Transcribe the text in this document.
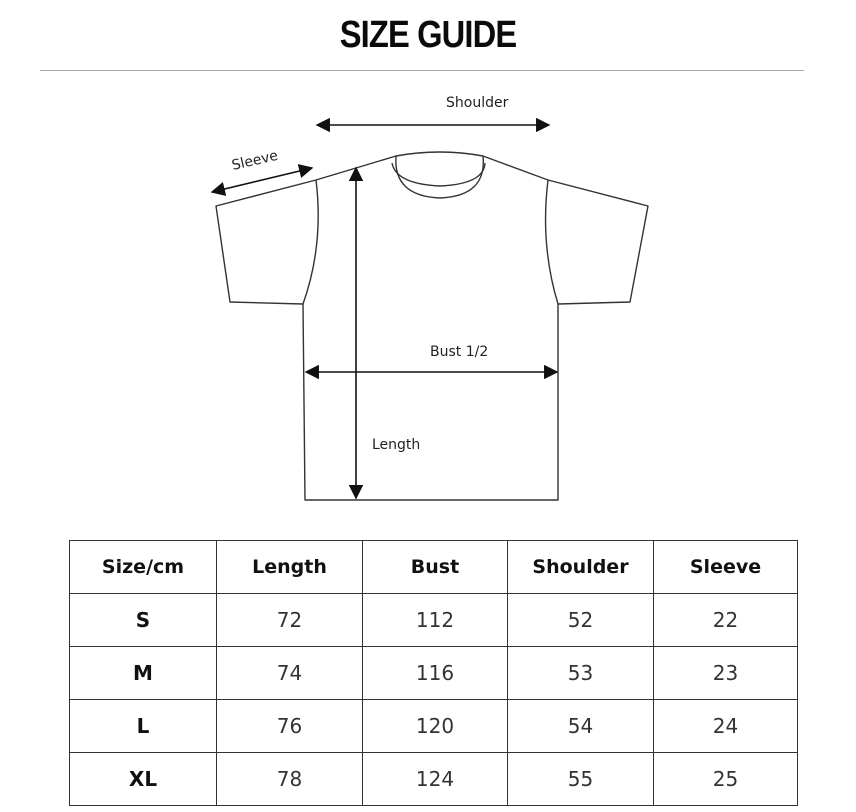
SIZE GUIDE
Shoulder
Sleeve
Bust 1/2
Length
Size/cm	Length	Bust	Shoulder	Sleeve
S	72	112	52	22
M	74	116	53	23
L	76	120	54	24
XL	78	124	55	25
